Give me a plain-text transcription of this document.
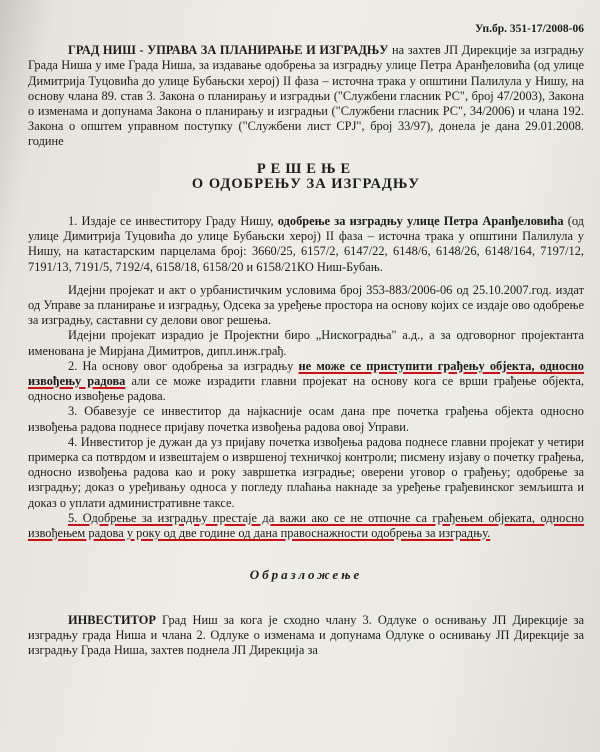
Уп.бр. 351-17/2008-06

ГРАД НИШ - УПРАВА ЗА ПЛАНИРАЊЕ И ИЗГРАДЊУ на захтев ЈП Дирекције за изградњу Града Ниша у име Града Ниша, за издавање одобрења за изградњу улице Петра Аранђеловића (од улице Димитрија Туцовића до улице Бубањски херој) II фаза – источна трака у општини Палилула у Нишу, на основу члана 89. став 3. Закона о планирању и изградњи ("Службени гласник РС", број 47/2003), Закона о изменама и допунама Закона о планирању и изградњи ("Службени гласник РС", 34/2006) и члана 192. Закона о општем управном поступку ("Службени лист СРЈ", број 33/97), донела је дана 29.01.2008. године

РЕШЕЊЕ
О ОДОБРЕЊУ ЗА ИЗГРАДЊУ

1. Издаје се инвеститору Граду Нишу, одобрење за изградњу улице Петра Аранђеловића (од улице Димитрија Туцовића до улице Бубањски херој) II фаза – источна трака у општини Палилула у Нишу, на катастарским парцелама број: 3660/25, 6157/2, 6147/22, 6148/6, 6148/26, 6148/164, 7197/12, 7191/13, 7191/5, 7192/4, 6158/18, 6158/20 и 6158/21КО Ниш-Бубањ.

Идејни пројекат и акт о урбанистичким условима број 353-883/2006-06 од 25.10.2007.год. издат од Управе за планирање и изградњу, Одсека за уређење простора на основу којих се издаје ово одобрење за изградњу, саставни су делови овог решења.

Идејни пројекат израдио је Пројектни биро „Нискоградња" а.д., а за одговорног пројектанта именована је Мирјана Димитров, дипл.инж.грађ.

2. На основу овог одобрења за изградњу не може се приступити грађењу објекта, односно извођењу радова али се може израдити главни пројекат на основу кога се врши грађење објекта, односно извођење радова.

3. Обавезује се инвеститор да најкасније осам дана пре почетка грађења објекта односно извођења радова поднесе пријаву почетка извођења радова овој Управи.

4. Инвеститор је дужан да уз пријаву почетка извођења радова поднесе главни пројекат у четири примерка са потврдом и извештајем о извршеној техничкој контроли; писмену изјаву о почетку грађења, односно извођења радова као и року завршетка изградње; оверени уговор о грађењу; одобрење за изградњу; доказ о уређивању односа у погледу плаћања накнаде за уређење грађевинског земљишта и доказ о уплати административне таксе.

5. Одобрење за изградњу престаје да важи ако се не отпочне са грађењем објеката, односно извођењем радова у року од две године од дана правоснажности одобрења за изградњу.

Образложење

ИНВЕСТИТОР Град Ниш за кога је сходно члану 3. Одлуке о оснивању ЈП Дирекције за изградњу града Ниша и члана 2. Одлуке о изменама и допунама Одлуке о оснивању ЈП Дирекције за изградњу Града Ниша, захтев поднела ЈП Дирекција за
